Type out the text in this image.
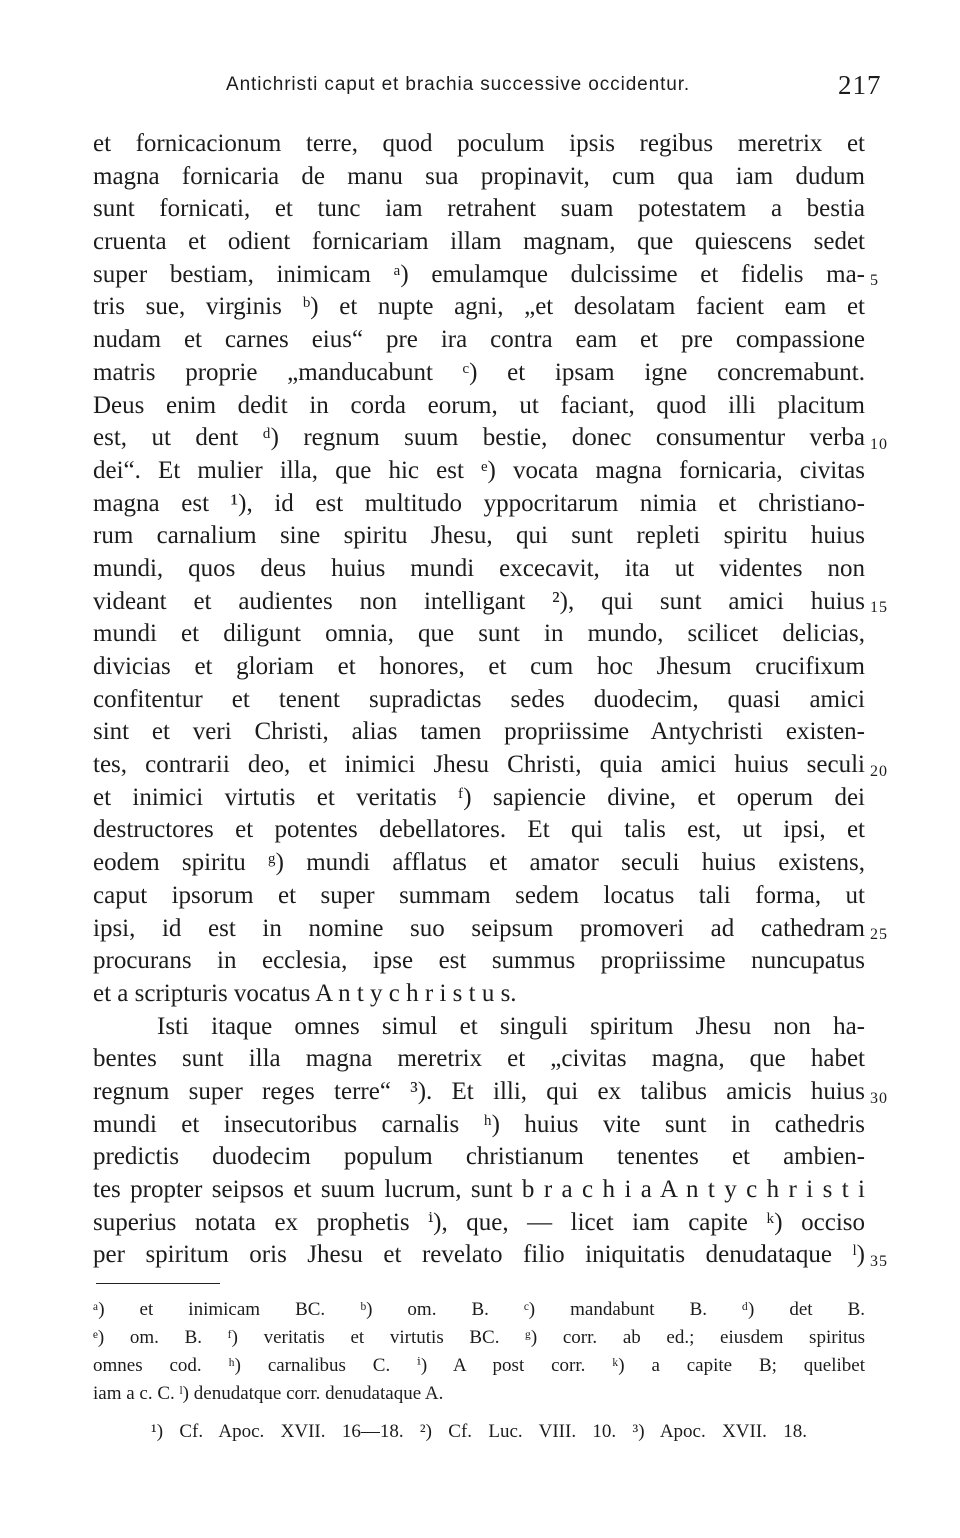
Antichristi caput et brachia successive occidentur.	217
et fornicacionum terre, quod poculum ipsis regibus meretrix et
magna fornicaria de manu sua propinavit, cum qua iam dudum
sunt fornicati, et tunc iam retrahent suam potestatem a bestia
cruenta et odient fornicariam illam magnam, que quiescens sedet
super bestiam, inimicam ᵃ) emulamque dulcissime et fidelis ma-
tris sue, virginis ᵇ) et nupte agni, „et desolatam facient eam et
nudam et carnes eius“ pre ira contra eam et pre compassione
matris proprie „manducabunt ᶜ) et ipsam igne concremabunt.
Deus enim dedit in corda eorum, ut faciant, quod illi placitum
est, ut dent ᵈ) regnum suum bestie, donec consumentur verba
dei“. Et mulier illa, que hic est ᵉ) vocata magna fornicaria, civitas
magna est ¹), id est multitudo yppocritarum nimia et christiano-
rum carnalium sine spiritu Jhesu, qui sunt repleti spiritu huius
mundi, quos deus huius mundi excecavit, ita ut videntes non
videant et audientes non intelligant ²), qui sunt amici huius
mundi et diligunt omnia, que sunt in mundo, scilicet delicias,
divicias et gloriam et honores, et cum hoc Jhesum crucifixum
confitentur et tenent supradictas sedes duodecim, quasi amici
sint et veri Christi, alias tamen propriissime Antychristi existen-
tes, contrarii deo, et inimici Jhesu Christi, quia amici huius seculi
et inimici virtutis et veritatis ᶠ) sapiencie divine, et operum dei
destructores et potentes debellatores. Et qui talis est, ut ipsi, et
eodem spiritu ᵍ) mundi afflatus et amator seculi huius existens,
caput ipsorum et super summam sedem locatus tali forma, ut
ipsi, id est in nomine suo seipsum promoveri ad cathedram
procurans in ecclesia, ipse est summus propriissime nuncupatus
et a scripturis vocatus A n t y c h r i s t u s.
Isti itaque omnes simul et singuli spiritum Jhesu non ha-
bentes sunt illa magna meretrix et „civitas magna, que habet
regnum super reges terre“ ³). Et illi, qui ex talibus amicis huius
mundi et insecutoribus carnalis ʰ) huius vite sunt in cathedris
predictis duodecim populum christianum tenentes et ambien-
tes propter seipsos et suum lucrum, sunt b r a c h i a A n t y c h r i s t i
superius notata ex prophetis ⁱ), que, — licet iam capite ᵏ) occiso
per spiritum oris Jhesu et revelato filio iniquitatis denudataque ˡ)
5
10
15
20
25
30
35
ᵃ) et inimicam BC. ᵇ) om. B. ᶜ) mandabunt B. ᵈ) det B.
ᵉ) om. B. ᶠ) veritatis et virtutis BC. ᵍ) corr. ab ed.; eiusdem spiritus
omnes cod. ʰ) carnalibus C. ⁱ) A post corr. ᵏ) a capite B; quelibet
iam a c. C. ˡ) denudatque corr. denudataque A.
¹) Cf. Apoc. XVII. 16—18. ²) Cf. Luc. VIII. 10. ³) Apoc. XVII. 18.
